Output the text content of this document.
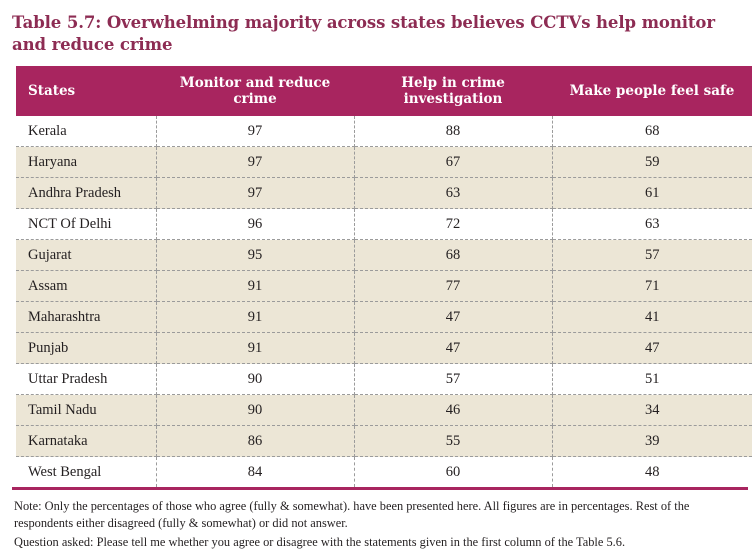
Table 5.7: Overwhelming majority across states believes CCTVs help monitor and reduce crime
States	Monitor and reduce crime	Help in crime investigation	Make people feel safe
Kerala	97	88	68
Haryana	97	67	59
Andhra Pradesh	97	63	61
NCT Of Delhi	96	72	63
Gujarat	95	68	57
Assam	91	77	71
Maharashtra	91	47	41
Punjab	91	47	47
Uttar Pradesh	90	57	51
Tamil Nadu	90	46	34
Karnataka	86	55	39
West Bengal	84	60	48

Note: Only the percentages of those who agree (fully & somewhat). have been presented here. All figures are in percentages. Rest of the respondents either disagreed (fully & somewhat) or did not answer.

Question asked: Please tell me whether you agree or disagree with the statements given in the first column of the Table 5.6.
